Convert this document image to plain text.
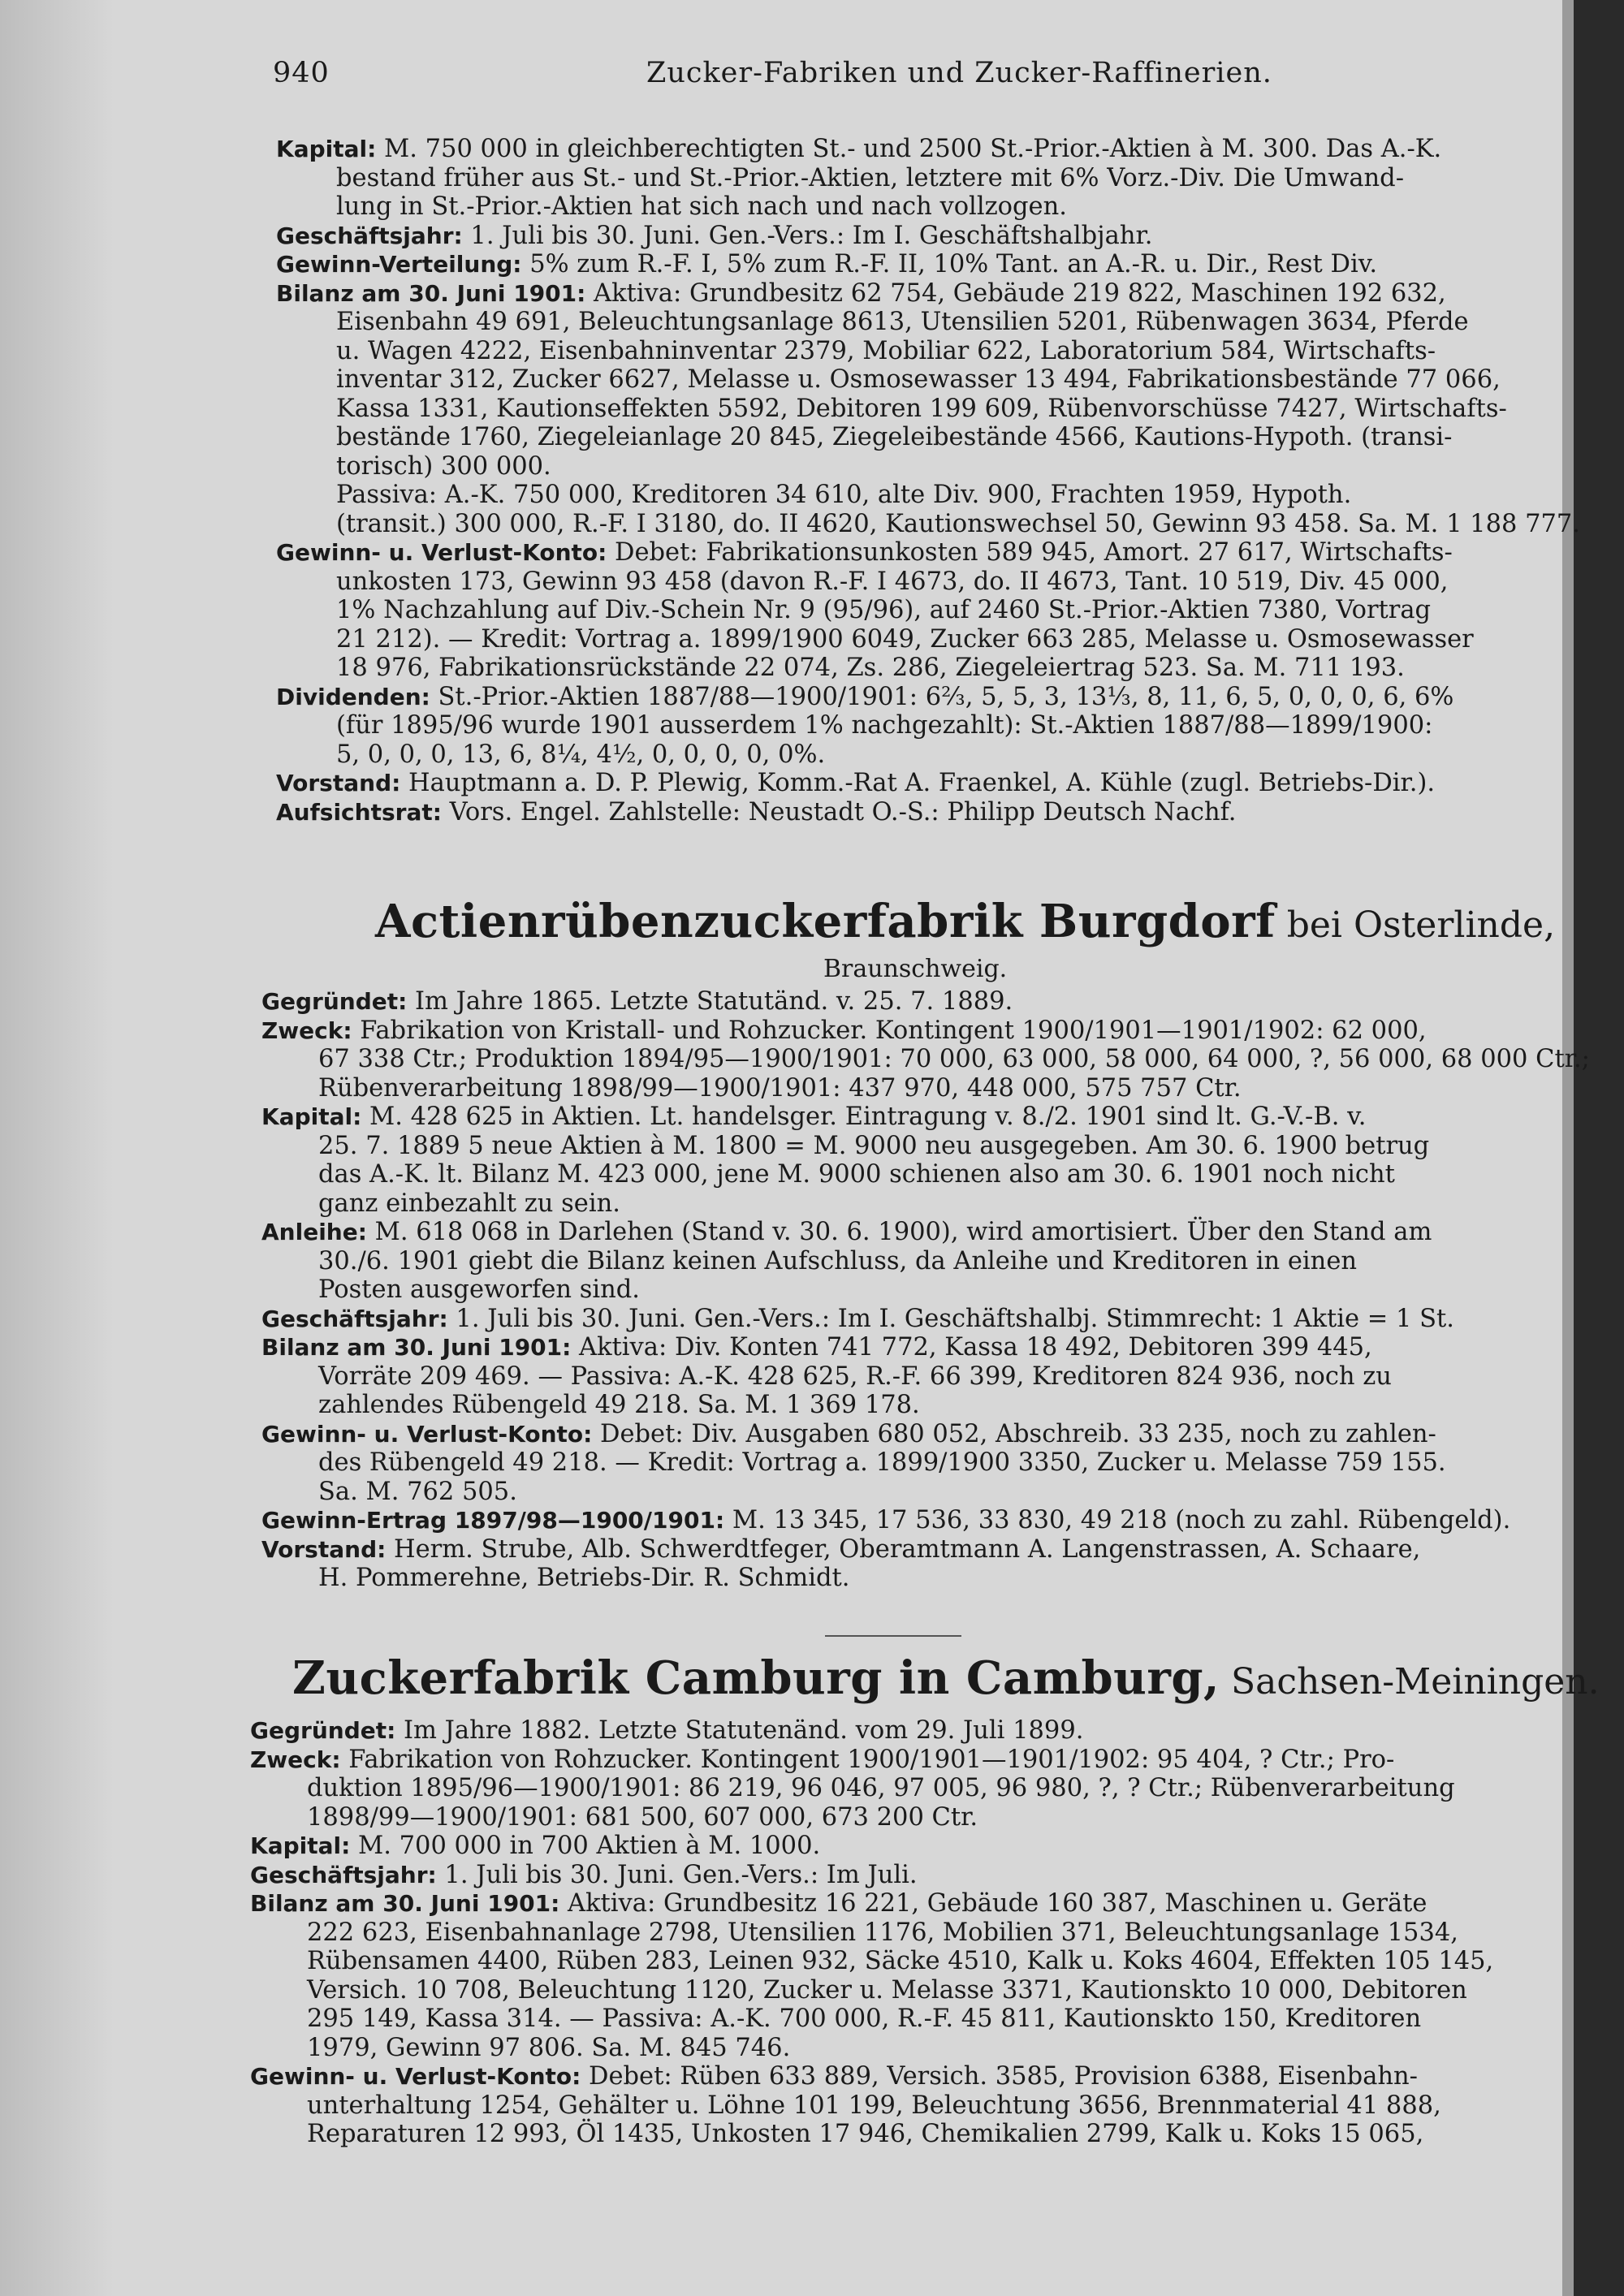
940	Zucker-Fabriken und Zucker-Raffinerien.
Kapital: M. 750 000 in gleichberechtigten St.- und 2500 St.-Prior.-Aktien à M. 300. Das A.-K.
bestand früher aus St.- und St.-Prior.-Aktien, letztere mit 6% Vorz.-Div. Die Umwand-
lung in St.-Prior.-Aktien hat sich nach und nach vollzogen.
Geschäftsjahr: 1. Juli bis 30. Juni. Gen.-Vers.: Im I. Geschäftshalbjahr.
Gewinn-Verteilung: 5% zum R.-F. I, 5% zum R.-F. II, 10% Tant. an A.-R. u. Dir., Rest Div.
Bilanz am 30. Juni 1901: Aktiva: Grundbesitz 62 754, Gebäude 219 822, Maschinen 192 632,
Eisenbahn 49 691, Beleuchtungsanlage 8613, Utensilien 5201, Rübenwagen 3634, Pferde
u. Wagen 4222, Eisenbahninventar 2379, Mobiliar 622, Laboratorium 584, Wirtschafts-
inventar 312, Zucker 6627, Melasse u. Osmosewasser 13 494, Fabrikationsbestände 77 066,
Kassa 1331, Kautionseffekten 5592, Debitoren 199 609, Rübenvorschüsse 7427, Wirtschafts-
bestände 1760, Ziegeleianlage 20 845, Ziegeleibestände 4566, Kautions-Hypoth. (transi-
torisch) 300 000.
Passiva: A.-K. 750 000, Kreditoren 34 610, alte Div. 900, Frachten 1959, Hypoth.
(transit.) 300 000, R.-F. I 3180, do. II 4620, Kautionswechsel 50, Gewinn 93 458. Sa. M. 1 188 777.
Gewinn- u. Verlust-Konto: Debet: Fabrikationsunkosten 589 945, Amort. 27 617, Wirtschafts-
unkosten 173, Gewinn 93 458 (davon R.-F. I 4673, do. II 4673, Tant. 10 519, Div. 45 000,
1% Nachzahlung auf Div.-Schein Nr. 9 (95/96), auf 2460 St.-Prior.-Aktien 7380, Vortrag
21 212). — Kredit: Vortrag a. 1899/1900 6049, Zucker 663 285, Melasse u. Osmosewasser
18 976, Fabrikationsrückstände 22 074, Zs. 286, Ziegeleiertrag 523. Sa. M. 711 193.
Dividenden: St.-Prior.-Aktien 1887/88—1900/1901: 6⅔, 5, 5, 3, 13⅓, 8, 11, 6, 5, 0, 0, 0, 6, 6%
(für 1895/96 wurde 1901 ausserdem 1% nachgezahlt): St.-Aktien 1887/88—1899/1900:
5, 0, 0, 0, 13, 6, 8¼, 4½, 0, 0, 0, 0, 0%.
Vorstand: Hauptmann a. D. P. Plewig, Komm.-Rat A. Fraenkel, A. Kühle (zugl. Betriebs-Dir.).
Aufsichtsrat: Vors. Engel. Zahlstelle: Neustadt O.-S.: Philipp Deutsch Nachf.
Actienrübenzuckerfabrik Burgdorf bei Osterlinde,
Braunschweig.
Gegründet: Im Jahre 1865. Letzte Statutänd. v. 25. 7. 1889.
Zweck: Fabrikation von Kristall- und Rohzucker. Kontingent 1900/1901—1901/1902: 62 000,
67 338 Ctr.; Produktion 1894/95—1900/1901: 70 000, 63 000, 58 000, 64 000, ?, 56 000, 68 000 Ctr.;
Rübenverarbeitung 1898/99—1900/1901: 437 970, 448 000, 575 757 Ctr.
Kapital: M. 428 625 in Aktien. Lt. handelsger. Eintragung v. 8./2. 1901 sind lt. G.-V.-B. v.
25. 7. 1889 5 neue Aktien à M. 1800 = M. 9000 neu ausgegeben. Am 30. 6. 1900 betrug
das A.-K. lt. Bilanz M. 423 000, jene M. 9000 schienen also am 30. 6. 1901 noch nicht
ganz einbezahlt zu sein.
Anleihe: M. 618 068 in Darlehen (Stand v. 30. 6. 1900), wird amortisiert. Über den Stand am
30./6. 1901 giebt die Bilanz keinen Aufschluss, da Anleihe und Kreditoren in einen
Posten ausgeworfen sind.
Geschäftsjahr: 1. Juli bis 30. Juni. Gen.-Vers.: Im I. Geschäftshalbj. Stimmrecht: 1 Aktie = 1 St.
Bilanz am 30. Juni 1901: Aktiva: Div. Konten 741 772, Kassa 18 492, Debitoren 399 445,
Vorräte 209 469. — Passiva: A.-K. 428 625, R.-F. 66 399, Kreditoren 824 936, noch zu
zahlendes Rübengeld 49 218. Sa. M. 1 369 178.
Gewinn- u. Verlust-Konto: Debet: Div. Ausgaben 680 052, Abschreib. 33 235, noch zu zahlen-
des Rübengeld 49 218. — Kredit: Vortrag a. 1899/1900 3350, Zucker u. Melasse 759 155.
Sa. M. 762 505.
Gewinn-Ertrag 1897/98—1900/1901: M. 13 345, 17 536, 33 830, 49 218 (noch zu zahl. Rübengeld).
Vorstand: Herm. Strube, Alb. Schwerdtfeger, Oberamtmann A. Langenstrassen, A. Schaare,
H. Pommerehne, Betriebs-Dir. R. Schmidt.
Zuckerfabrik Camburg in Camburg, Sachsen-Meiningen.
Gegründet: Im Jahre 1882. Letzte Statutenänd. vom 29. Juli 1899.
Zweck: Fabrikation von Rohzucker. Kontingent 1900/1901—1901/1902: 95 404, ? Ctr.; Pro-
duktion 1895/96—1900/1901: 86 219, 96 046, 97 005, 96 980, ?, ? Ctr.; Rübenverarbeitung
1898/99—1900/1901: 681 500, 607 000, 673 200 Ctr.
Kapital: M. 700 000 in 700 Aktien à M. 1000.
Geschäftsjahr: 1. Juli bis 30. Juni. Gen.-Vers.: Im Juli.
Bilanz am 30. Juni 1901: Aktiva: Grundbesitz 16 221, Gebäude 160 387, Maschinen u. Geräte
222 623, Eisenbahnanlage 2798, Utensilien 1176, Mobilien 371, Beleuchtungsanlage 1534,
Rübensamen 4400, Rüben 283, Leinen 932, Säcke 4510, Kalk u. Koks 4604, Effekten 105 145,
Versich. 10 708, Beleuchtung 1120, Zucker u. Melasse 3371, Kautionskto 10 000, Debitoren
295 149, Kassa 314. — Passiva: A.-K. 700 000, R.-F. 45 811, Kautionskto 150, Kreditoren
1979, Gewinn 97 806. Sa. M. 845 746.
Gewinn- u. Verlust-Konto: Debet: Rüben 633 889, Versich. 3585, Provision 6388, Eisenbahn-
unterhaltung 1254, Gehälter u. Löhne 101 199, Beleuchtung 3656, Brennmaterial 41 888,
Reparaturen 12 993, Öl 1435, Unkosten 17 946, Chemikalien 2799, Kalk u. Koks 15 065,
